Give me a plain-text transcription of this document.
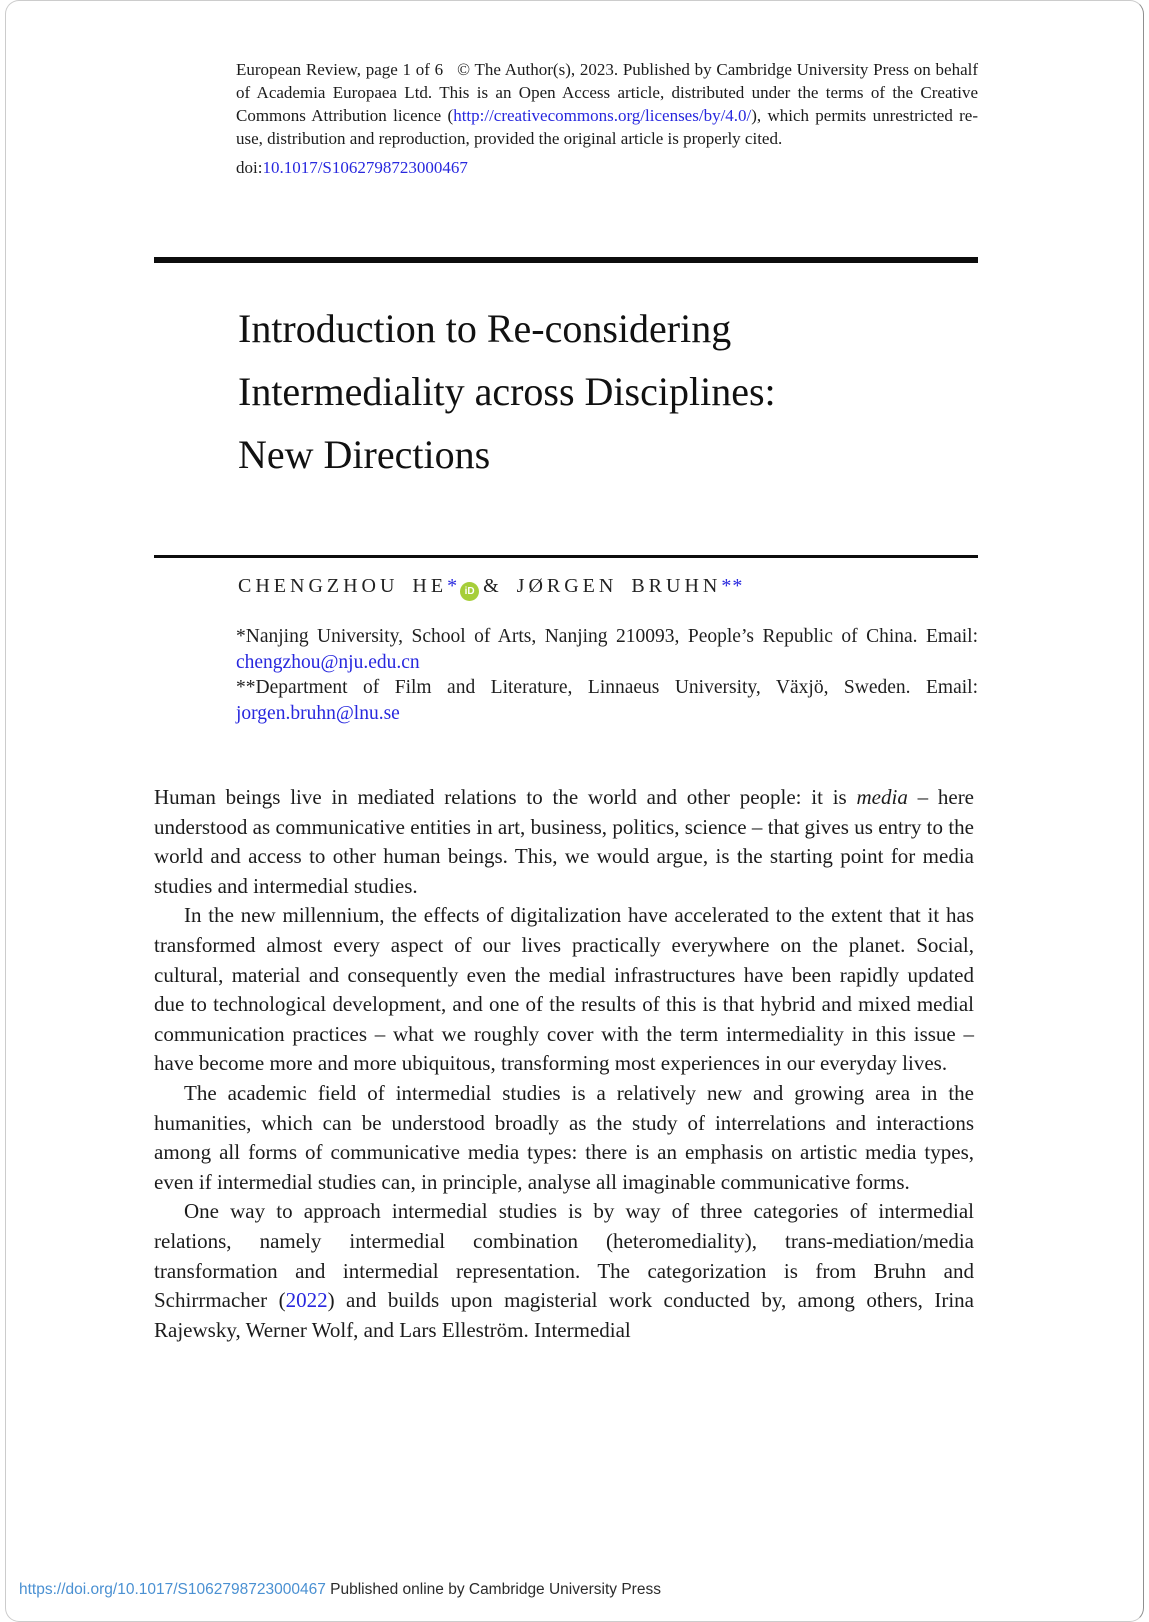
European Review, page 1 of 6 © The Author(s), 2023. Published by Cambridge University Press on behalf of Academia Europaea Ltd. This is an Open Access article, distributed under the terms of the Creative Commons Attribution licence (http://creativecommons.org/licenses/by/4.0/), which permits unrestricted re-use, distribution and reproduction, provided the original article is properly cited.

doi:10.1017/S1062798723000467

Introduction to Re-considering
Intermediality across Disciplines:
New Directions
CHENGZHOU HE* iD & JØRGEN BRUHN**
*Nanjing University, School of Arts, Nanjing 210093, People’s Republic of China. Email: chengzhou@nju.edu.cn
**Department of Film and Literature, Linnaeus University, Växjö, Sweden. Email: jorgen.bruhn@lnu.se

Human beings live in mediated relations to the world and other people: it is media – here understood as communicative entities in art, business, politics, science – that gives us entry to the world and access to other human beings. This, we would argue, is the starting point for media studies and intermedial studies.

In the new millennium, the effects of digitalization have accelerated to the extent that it has transformed almost every aspect of our lives practically everywhere on the planet. Social, cultural, material and consequently even the medial infrastructures have been rapidly updated due to technological development, and one of the results of this is that hybrid and mixed medial communication practices – what we roughly cover with the term intermediality in this issue – have become more and more ubiquitous, transforming most experiences in our everyday lives.

The academic field of intermedial studies is a relatively new and growing area in the humanities, which can be understood broadly as the study of interrelations and interactions among all forms of communicative media types: there is an emphasis on artistic media types, even if intermedial studies can, in principle, analyse all imaginable communicative forms.

One way to approach intermedial studies is by way of three categories of intermedial relations, namely intermedial combination (heteromediality), trans-mediation/media transformation and intermedial representation. The categorization is from Bruhn and Schirrmacher (2022) and builds upon magisterial work conducted by, among others, Irina Rajewsky, Werner Wolf, and Lars Elleström. Intermedial

https://doi.org/10.1017/S1062798723000467 Published online by Cambridge University Press
